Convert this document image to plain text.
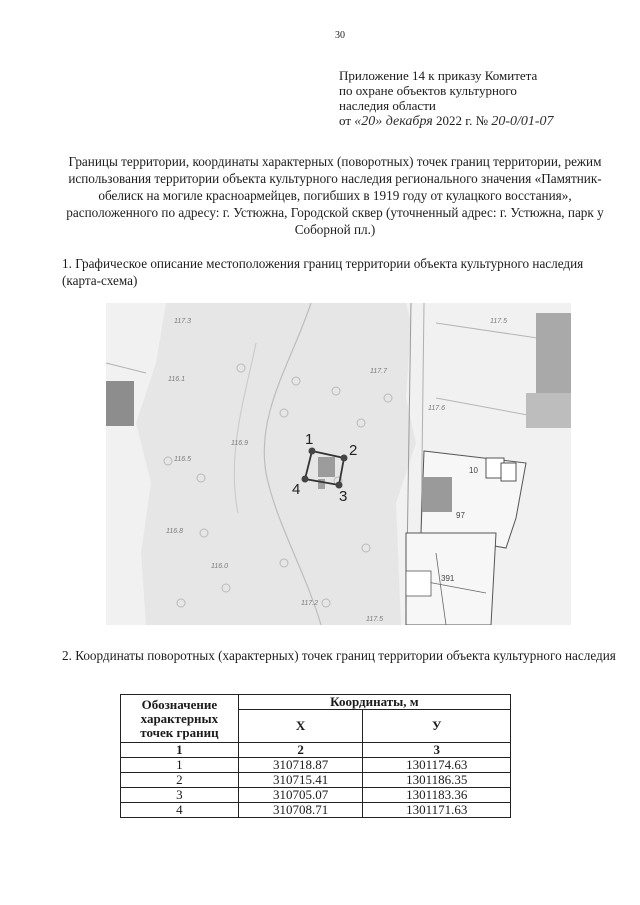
30
Приложение 14 к приказу Комитета
по охране объектов культурного
наследия области
от «20» декабря 2022 г. № 20-0/01-07
Границы территории, координаты характерных (поворотных) точек границ территории, режим использования территории объекта культурного наследия регионального значения «Памятник-обелиск на могиле красноармейцев, погибших в 1919 году от кулацкого восстания», расположенного по адресу: г. Устюжна, Городской сквер (уточненный адрес: г. Устюжна, парк у Соборной пл.)
1. Графическое описание местоположения границ территории объекта культурного наследия (карта-схема)
117.3	117.5
116.1
117.7
117.6
116.9
116.5
116.8
116.0
117.2
117.5
10
97
391
1
2
3
4
2. Координаты поворотных (характерных) точек границ территории объекта культурного наследия
Обозначение характерных точек границ	Координаты, м	
	X	У
1	2	3
1	310718.87	1301174.63
2	310715.41	1301186.35
3	310705.07	1301183.36
4	310708.71	1301171.63
